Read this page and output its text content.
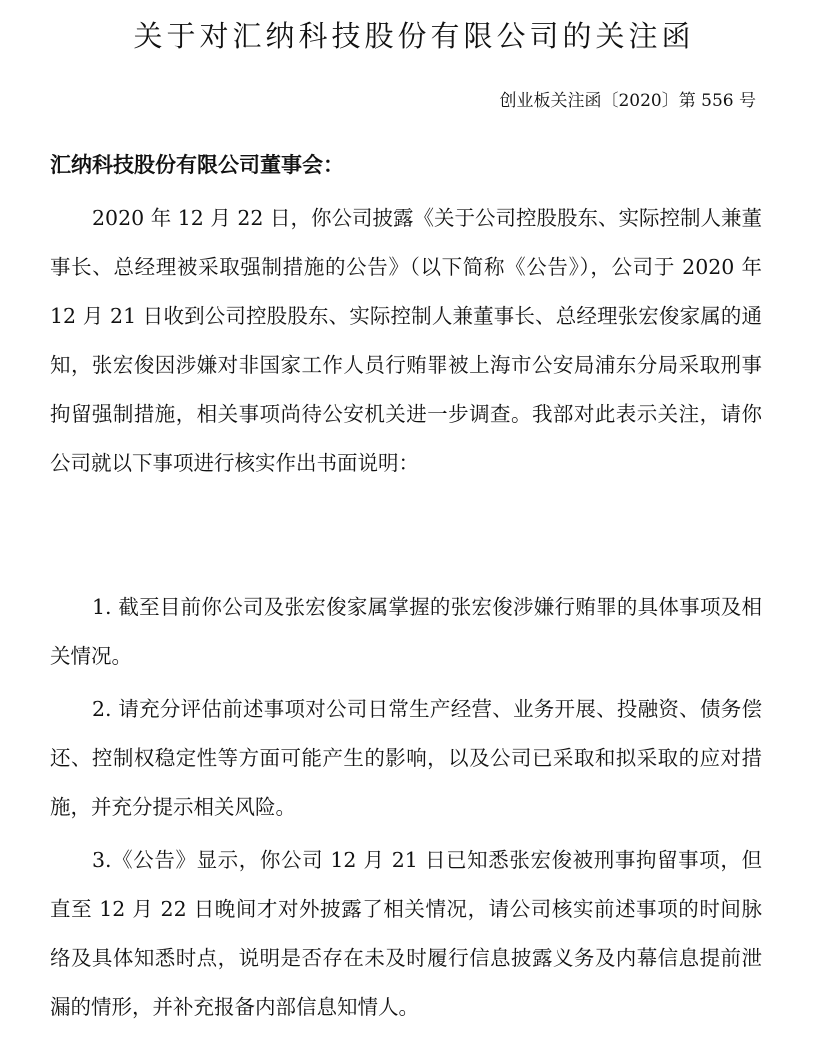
关于对汇纳科技股份有限公司的关注函
创业板关注函〔2020〕第 556 号
汇纳科技股份有限公司董事会：

2020 年 12 月 22 日，你公司披露《关于公司控股股东、实际控制人兼董事长、总经理被采取强制措施的公告》（以下简称《公告》），公司于 2020 年 12 月 21 日收到公司控股股东、实际控制人兼董事长、总经理张宏俊家属的通知，张宏俊因涉嫌对非国家工作人员行贿罪被上海市公安局浦东分局采取刑事拘留强制措施，相关事项尚待公安机关进一步调查。我部对此表示关注，请你公司就以下事项进行核实作出书面说明：

1. 截至目前你公司及张宏俊家属掌握的张宏俊涉嫌行贿罪的具体事项及相关情况。

2. 请充分评估前述事项对公司日常生产经营、业务开展、投融资、债务偿还、控制权稳定性等方面可能产生的影响，以及公司已采取和拟采取的应对措施，并充分提示相关风险。

3.《公告》显示，你公司 12 月 21 日已知悉张宏俊被刑事拘留事项，但直至 12 月 22 日晚间才对外披露了相关情况，请公司核实前述事项的时间脉络及具体知悉时点，说明是否存在未及时履行信息披露义务及内幕信息提前泄漏的情形，并补充报备内部信息知情人。
